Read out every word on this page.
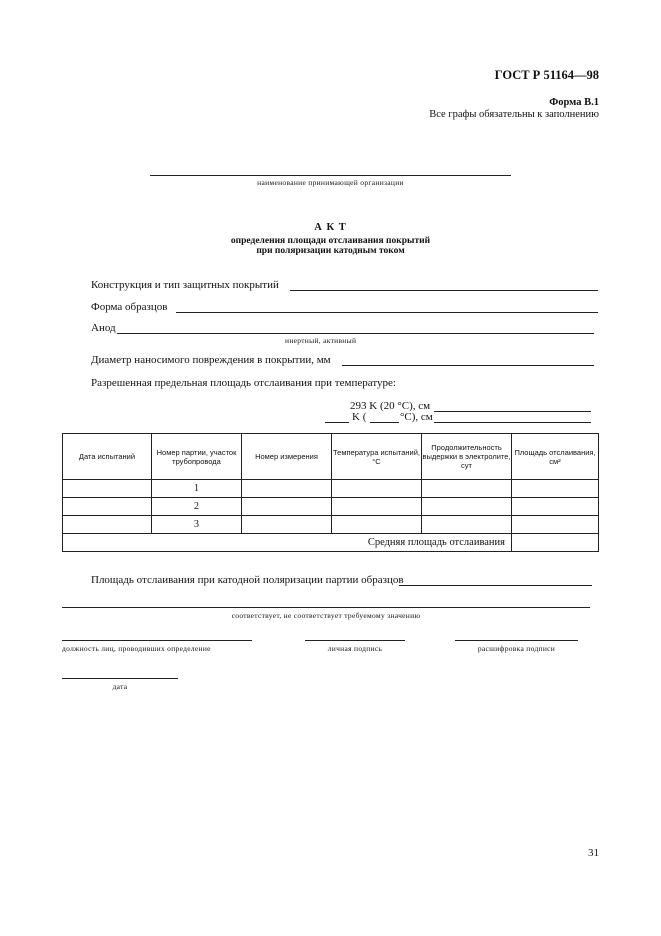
ГОСТ Р 51164—98
Форма В.1
Все графы обязательны к заполнению
наименование принимающей организации
А К Т
определения площади отслаивания покрытий
при поляризации катодным током
Конструкция и тип защитных покрытий
Форма образцов
Анод
инертный, активный
Диаметр наносимого повреждения в покрытии, мм
Разрешенная предельная площадь отслаивания при температуре:
293 K (20 °С), см
K (	°С), см
Дата испытаний	Номер партии, участок трубопровода	Номер измерения	Температура испытаний, °С	Продолжительность выдержки в электролите, сут	Площадь отслаивания, см²
	1				
	2				
	3				
Средняя площадь отслаивания					
Площадь отслаивания при катодной поляризации партии образцов
соответствует, не соответствует требуемому значению
должность лиц, проводивших определение	личная подпись	расшифровка подписи
дата
31
